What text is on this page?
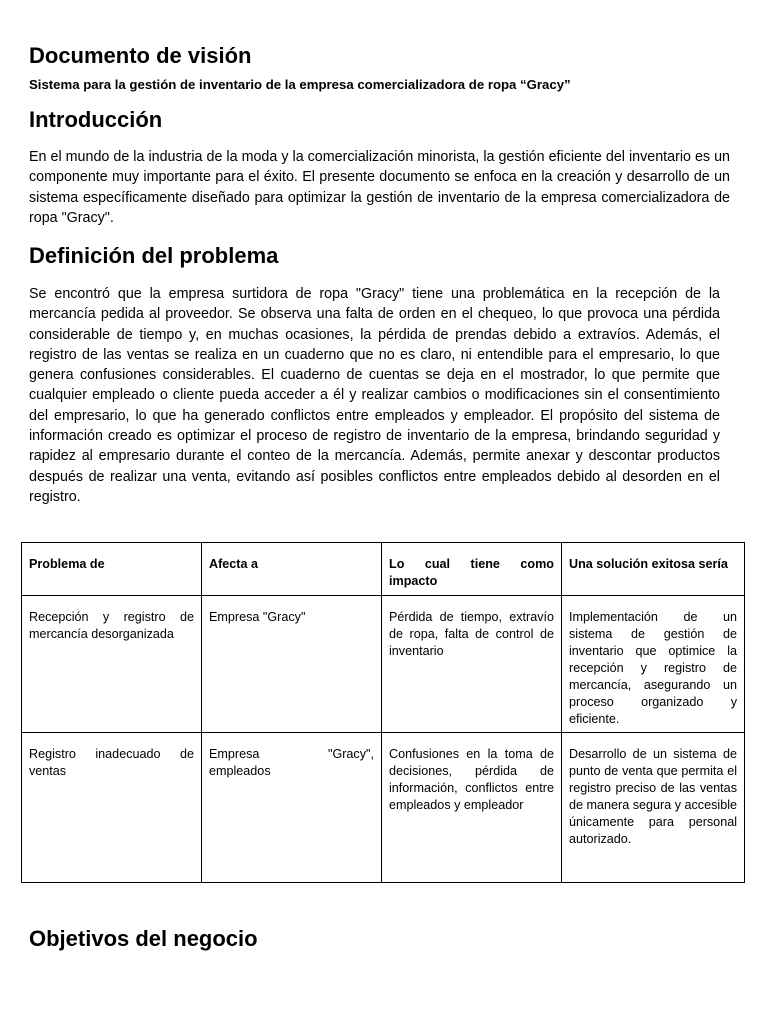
Documento de visión

Sistema para la gestión de inventario de la empresa comercializadora de ropa “Gracy”

Introducción

En el mundo de la industria de la moda y la comercialización minorista, la gestión eficiente del inventario es un componente muy importante para el éxito. El presente documento se enfoca en la creación y desarrollo de un sistema específicamente diseñado para optimizar la gestión de inventario de la empresa comercializadora de ropa "Gracy".

Definición del problema

Se encontró que la empresa surtidora de ropa "Gracy" tiene una problemática en la recepción de la mercancía pedida al proveedor. Se observa una falta de orden en el chequeo, lo que provoca una pérdida considerable de tiempo y, en muchas ocasiones, la pérdida de prendas debido a extravíos. Además, el registro de las ventas se realiza en un cuaderno que no es claro, ni entendible para el empresario, lo que genera confusiones considerables. El cuaderno de cuentas se deja en el mostrador, lo que permite que cualquier empleado o cliente pueda acceder a él y realizar cambios o modificaciones sin el consentimiento del empresario, lo que ha generado conflictos entre empleados y empleador. El propósito del sistema de información creado es optimizar el proceso de registro de inventario de la empresa, brindando seguridad y rapidez al empresario durante el conteo de la mercancía. Además, permite anexar y descontar productos después de realizar una venta, evitando así posibles conflictos entre empleados debido al desorden en el registro.

Problema de	Afecta a	Lo cual tiene como impacto	Una solución exitosa sería
Recepción y registro de mercancía desorganizada	Empresa "Gracy"	Pérdida de tiempo, extravío de ropa, falta de control de inventario	Implementación de un sistema de gestión de inventario que optimice la recepción y registro de mercancía, asegurando un proceso organizado y eficiente.
Registro inadecuado de ventas	Empresa "Gracy", empleados	Confusiones en la toma de decisiones, pérdida de información, conflictos entre empleados y empleador	Desarrollo de un sistema de punto de venta que permita el registro preciso de las ventas de manera segura y accesible únicamente para personal autorizado.
Objetivos del negocio
